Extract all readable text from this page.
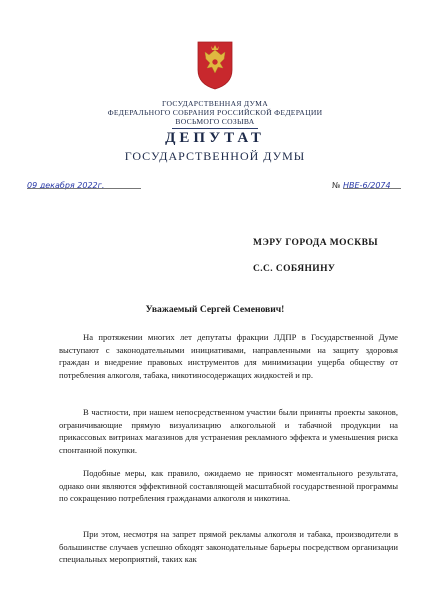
ГОСУДАРСТВЕННАЯ ДУМА
ФЕДЕРАЛЬНОГО СОБРАНИЯ РОССИЙСКОЙ ФЕДЕРАЦИИ
ВОСЬМОГО СОЗЫВА
ДЕПУТАТ
ГОСУДАРСТВЕННОЙ ДУМЫ
09 декабря 2022г.	№ НВЕ-6/2074
МЭРУ ГОРОДА МОСКВЫ
С.С. СОБЯНИНУ
Уважаемый Сергей Семенович!

На протяжении многих лет депутаты фракции ЛДПР в Государственной Думе выступают с законодательными инициативами, направленными на защиту здоровья граждан и внедрение правовых инструментов для минимизации ущерба обществу от потребления алкоголя, табака, никотиносодержащих жидкостей и пр.

В частности, при нашем непосредственном участии были приняты проекты законов, ограничивающие прямую визуализацию алкогольной и табачной продукции на прикассовых витринах магазинов для устранения рекламного эффекта и уменьшения риска спонтанной покупки.

Подобные меры, как правило, ожидаемо не приносят моментального результата, однако они являются эффективной составляющей масштабной государственной программы по сокращению потребления гражданами алкоголя и никотина.

При этом, несмотря на запрет прямой рекламы алкоголя и табака, производители в большинстве случаев успешно обходят законодательные барьеры посредством организации специальных мероприятий, таких как
